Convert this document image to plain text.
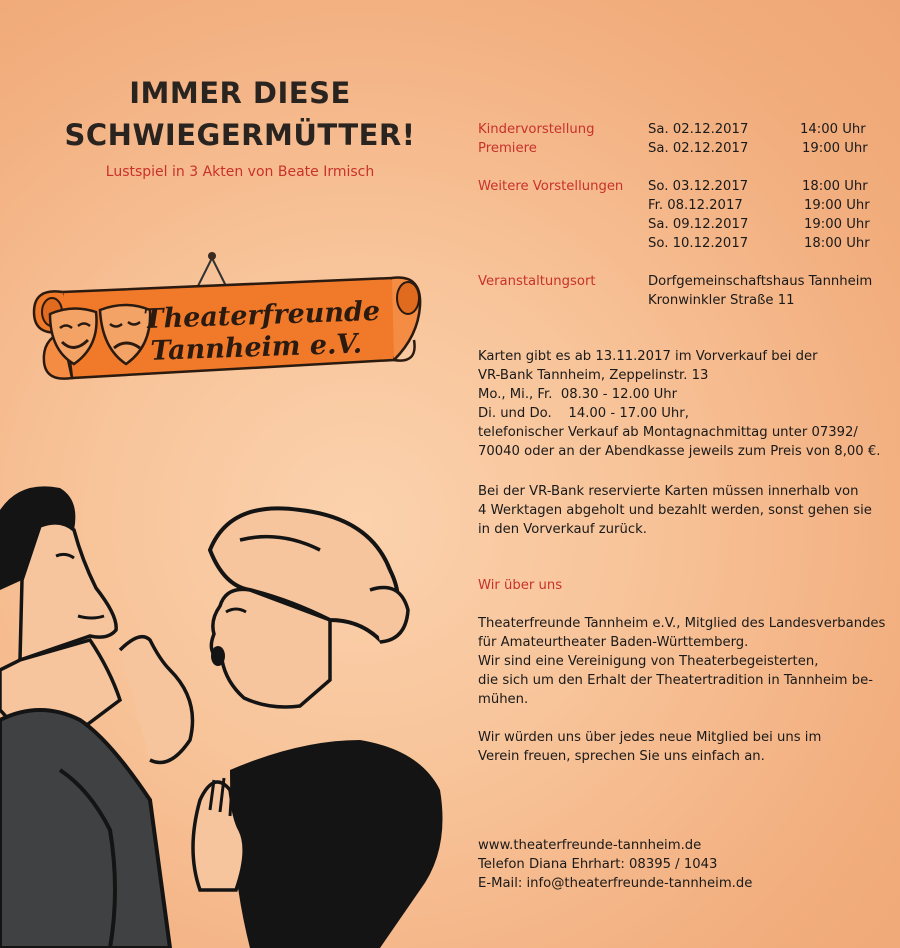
IMMER DIESE
SCHWIEGERMÜTTER!
Lustspiel in 3 Akten von Beate Irmisch
Theaterfreunde
Tannheim e.V.
Kindervorstellung	Sa. 02.12.2017	14:00 Uhr
Premiere	Sa. 02.12.2017	19:00 Uhr
Weitere Vorstellungen So. 03.12.2017	18:00 Uhr
Fr. 08.12.2017	19:00 Uhr
Sa. 09.12.2017	19:00 Uhr
So. 10.12.2017	18:00 Uhr
Veranstaltungsort	Dorfgemeinschaftshaus Tannheim
Kronwinkler Straße 11
Karten gibt es ab 13.11.2017 im Vorverkauf bei der
VR-Bank Tannheim, Zeppelinstr. 13
Mo., Mi., Fr.  08.30 - 12.00 Uhr
Di. und Do.    14.00 - 17.00 Uhr,
telefonischer Verkauf ab Montagnachmittag unter 07392/
70040 oder an der Abendkasse jeweils zum Preis von 8,00 €.
Bei der VR-Bank reservierte Karten müssen innerhalb von
4 Werktagen abgeholt und bezahlt werden, sonst gehen sie
in den Vorverkauf zurück.
Wir über uns
Theaterfreunde Tannheim e.V., Mitglied des Landesverbandes
für Amateurtheater Baden-Württemberg.
Wir sind eine Vereinigung von Theaterbegeisterten,
die sich um den Erhalt der Theatertradition in Tannheim be-
mühen.
Wir würden uns über jedes neue Mitglied bei uns im
Verein freuen, sprechen Sie uns einfach an.
www.theaterfreunde-tannheim.de
Telefon Diana Ehrhart: 08395 / 1043
E-Mail: info@theaterfreunde-tannheim.de
